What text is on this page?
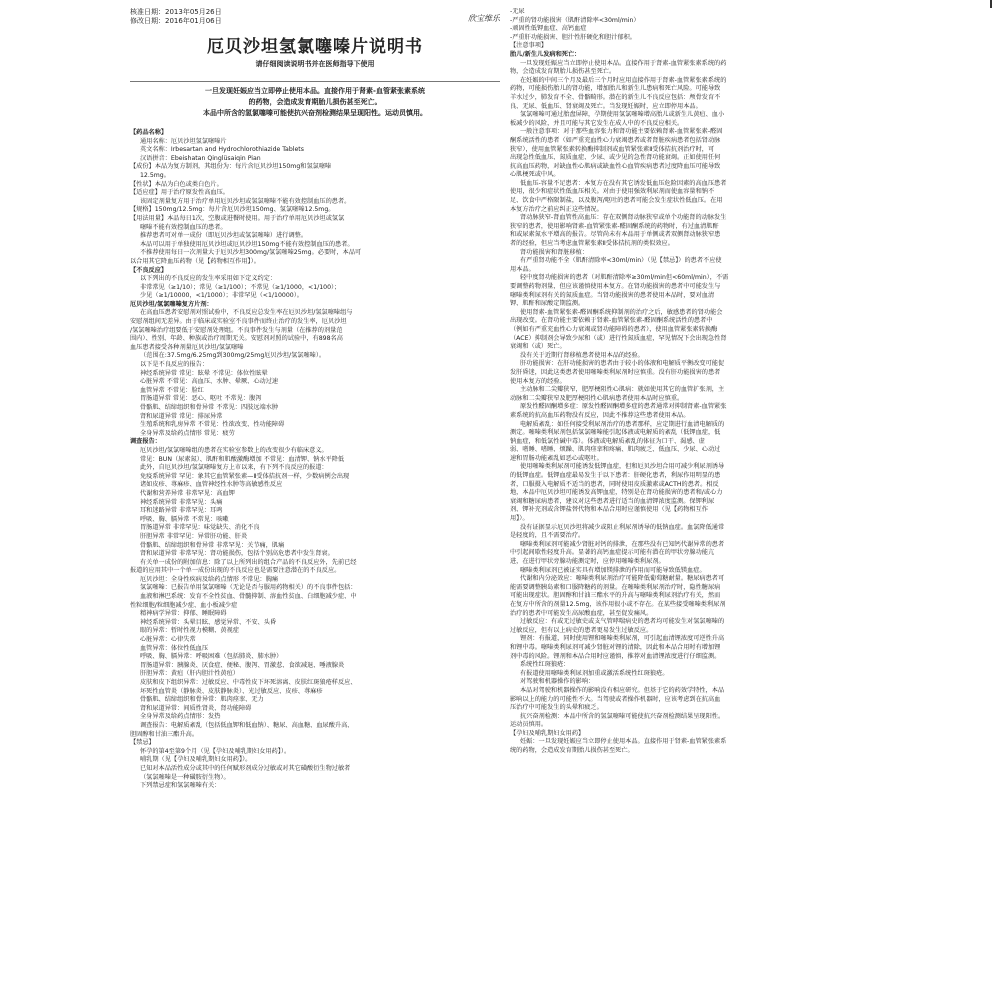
核准日期：2013年05月26日
修改日期：2016年01月06日	欣宝维乐
厄贝沙坦氢氯噻嗪片说明书
请仔细阅读说明书并在医师指导下使用
一旦发现妊娠应当立即停止使用本品。直接作用于肾素-血管紧张素系统
的药物，会造成发育期胎儿损伤甚至死亡。
本品中所含的氢氯噻嗪可能使抗兴奋剂检测结果呈现阳性。运动员慎用。

【药品名称】

通用名称：厄贝沙坦氢氯噻嗪片

英文名称：Irbesartan and Hydrochlorothiazide Tablets

汉语拼音：Ebeishatan Qinglüsaiqin Pian

【成份】本品为复方制剂，其组份为：每片含厄贝沙坦150mg和氢氯噻嗪

12.5mg。

【性状】本品为白色或类白色片。

【适应症】用于治疗原发性高血压。

该固定剂量复方用于治疗单用厄贝沙坦或氢氯噻嗪不能有效控制血压的患者。

【规格】150mg/12.5mg：每片含厄贝沙坦150mg、氢氯噻嗪12.5mg。

【用法用量】本品每日1次，空腹或进餐时使用。用于治疗单用厄贝沙坦或氢氯

噻嗪不能有效控制血压的患者。

推荐患者可对单一成份（即厄贝沙坦或氢氯噻嗪）进行调整。

本品可以用于单独使用厄贝沙坦或厄贝沙坦150mg不能有效控制血压的患者。

不推荐使用每日一次剂量大于厄贝沙坦300mg/氢氯噻嗪25mg。必要时，本品可

以合用其它降血压药物（见【药物相互作用】）。

【不良反应】

以下列出的不良反应的发生率采用如下定义约定：

非常常见（≥1/10）；常见（≥1/100）；不常见（≥1/1000，<1/100）；

少见（≥1/10000，<1/1000）；非常罕见（<1/10000）。

厄贝沙坦/氢氯噻嗪复方片剂：

在高血压患者安慰剂对照试验中，不良反应总发生率在厄贝沙坦/氢氯噻嗪组与

安慰剂组间无差异。由于临床或实验室不良事件而终止治疗的发生率，厄贝沙坦

/氢氯噻嗪治疗组要低于安慰剂处理组。不良事件发生与剂量（在推荐的剂量范

围内）、性别、年龄、种族或治疗周期无关。安慰剂对照的试验中，有898名高

血压患者接受各种剂量厄贝沙坦/氢氯噻嗪

（范围在:37.5mg/6.25mg到300mg/25mg厄贝沙坦/氢氯噻嗪）。

以下是不良反应的报告：

神经系统异常 常见：眩晕 不常见：体位性眩晕

心脏异常 不常见：高血压、水肿、晕厥、心动过速

血管异常 不常见：脸红

胃肠道异常 常见：恶心、呕吐 不常见：腹泻

骨骼肌、结缔组织和骨异常 不常见：四肢远端水肿

肾和尿道异常 常见：排尿异常

生殖系统和乳房异常 不常见：性欲改变、性功能障碍

全身异常及给药点情形 常见：疲劳

调查报告：

厄贝沙坦/氢氯噻嗪组的患者在实验室参数上的改变很少有临床意义。

常见：BUN（尿素氮）、肌酐和肌酸激酶增加 不常见：血清钾、钠水平降低

此外，自厄贝沙坦/氢氯噻嗪复方上市以来，有下列不良反应的报道：

免疫系统异常 罕见：象其它血管紧张素—Ⅱ受体拮抗剂一样，少数病例会出现

诸如皮疹、荨麻疹、血管神经性水肿等高敏感性反应

代谢和营养异常 非常罕见：高血钾

神经系统异常 非常罕见：头痛

耳和迷路异常 非常罕见：耳鸣

呼吸、胸、膈异常 不常见：咳嗽

胃肠道异常 非常罕见：味觉缺失、消化不良

肝胆异常 非常罕见：异常肝功能、肝炎

骨骼肌、结缔组织和骨异常 非常罕见：关节痛，肌痛

肾和尿道异常 非常罕见：肾功能损伤，包括个别高危患者中发生肾衰。

有关单一成份的附加信息：除了以上所列出的组合产品的不良反应外，先前已经

报道的应用其中一个单一成份出现的不良反应也是需要注意潜在的不良反应。

厄贝沙坦：全身性疾病及给药点情形 不常见：胸痛

氢氯噻嗪：已报告单用氢氯噻嗪（无论是否与服用药物相关）的不良事件包括：

血液和淋巴系统：发育不全性贫血、骨髓抑制、溶血性贫血、白细胞减少症、中

性粒细胞/粒细胞减少症、血小板减少症

精神病学异常：抑郁、睡眠障碍

神经系统异常：头晕目眩、感觉异常、不安、头昏

眼的异常：暂时性视力模糊、黄视症

心脏异常：心律失常

血管异常：体位性低血压

呼吸、胸、膈异常：呼吸困难（包括肺炎、肺水肿）

胃肠道异常：胰腺炎、厌食症、便秘、腹泻、胃激惹、食欲减退、唾液腺炎

肝胆异常：黄疸（肝内胆汁性黄疸）

皮肤和皮下组织异常：过敏反应、中毒性皮下坏死溶离、皮肤红斑狼疮样反应、

坏死性血管炎（静脉炎、皮肤静脉炎）、光过敏反应、皮疹、荨麻疹

骨骼肌、结缔组织和骨异常：肌肉痉挛、无力

肾和尿道异常：间质性肾炎、肾功能障碍

全身异常及给药点情形：发热

调查报告：电解质紊乱（包括低血钾和低血钠）、糖尿、高血糖、血尿酸升高、

胆固醇和甘油三酯升高。

【禁忌】

怀孕的第4至第9个月（见【孕妇及哺乳期妇女用药】）。

哺乳期（见【孕妇及哺乳期妇女用药】）。

已知对本品活性成分或其中的任何赋形剂成分过敏或对其它磺酸衍生物过敏者

（氢氯噻嗪是一种磺胺衍生物）。

下列禁忌症和氢氯噻嗪有关：

-无尿

-严重的肾功能损害（肌酐清除率<30ml/min）

-顽固性低钾血症、高钙血症

-严重肝功能损害、胆汁性肝硬化和胆汁郁积。

【注意事项】

胎儿/新生儿发病和死亡：

一旦发现妊娠应当立即停止使用本品。直接作用于肾素-血管紧张素系统的药

物，会造成发育期胎儿损伤甚至死亡。

在妊娠的中间三个月及最后三个月时应用直接作用于肾素-血管紧张素系统的

药物，可能损伤胎儿的肾功能，增加胎儿和新生儿患病和死亡风险。可能导致

羊水过少，肺发育不全、骨骼畸形。潜在的新生儿不良反应包括：颅骨发育不

良、无尿、低血压、肾衰竭及死亡。当发现妊娠时，应立即停用本品。

氢氯噻嗪可通过胎盘屏障，孕期使用氢氯噻嗪增高胎儿或新生儿黄疸、血小

板减少的风险，并且可能与其它发生在成人中的不良反应相关。

一般注意事项：对于那些血容张力和肾功能主要依赖肾素-血管紧张素-醛固

酮系统活性的患者（如严重充血性心力衰竭患者或者肾脏疾病患者包括肾动脉

狭窄），使用血管紧张素转换酶抑制剂或血管紧张素Ⅱ受体拮抗剂治疗时，可

出现急性低血压、氮质血症、少尿、或少见的急性肾功能衰竭。正如使用任何

抗高血压药物，对缺血性心肌病或缺血性心血管疾病患者过度降血压可能导致

心肌梗死或中风。

低血压-容量不足患者：本复方在没有其它诱发低血压危险因素的高血压患者

使用，很少和症状性低血压相关。对由于使用强效利尿剂而使血容量和钠不

足、饮食中严格限制盐，以及腹泻/呕吐的患者可能会发生症状性低血压。在用

本复方治疗之前应纠正这些情况。

肾动脉狭窄-肾血管性高血压：存在双侧肾动脉狭窄或单个功能肾的动脉发生

狭窄的患者，使用影响肾素-血管紧张素-醛固酮系统的药物时，有过血清肌酐

和或尿素氮水平增高的报告。尽管尚未有本品用于单侧或者双侧肾动脉狭窄患

者的经验，但应当考虑血管紧张素Ⅱ受体拮抗剂的类似效应。

肾功能损害和肾脏移植：

有严重肾功能不全（肌酐清除率<30ml/min）（见【禁忌】）的患者不应使

用本品。

轻中度肾功能损害的患者（对肌酐清除率≥30ml/min但<60ml/min），不需

要调整药物剂量，但应该谨慎使用本复方。在肾功能损害的患者中可能发生与

噻嗪类利尿剂有关的氮质血症。当肾功能损害的患者使用本品时，要对血清

钾、肌酐和尿酸定期监测。

使用肾素-血管紧张素-醛固酮系统抑制剂的治疗之后，敏感患者的肾功能会

出现改变。在肾功能主要依赖于肾素-血管紧张素-醛固酮系统活性的患者中

（例如有严重充血性心力衰竭或肾功能障碍的患者），使用血管紧张素转换酶

（ACE）抑制剂会导致少尿和（或）进行性氮质血症，罕见情况下会出现急性肾

衰竭和（或）死亡。

没有关于近期行肾移植患者使用本品的经验。

肝功能损害：在肝功能损害的患者由于较小的体液和电解质平衡改变可能促

发肝昏迷，因此这类患者使用噻嗪类利尿剂时应慎重。没有肝功能损害的患者

使用本复方的经验。

主动脉和二尖瓣狭窄，肥厚梗阻性心肌病：就如使用其它的血管扩张剂，主

动脉和二尖瓣狭窄及肥厚梗阻性心肌病患者使用本品时应慎重。

原发性醛固酮增多症：原发性醛固酮增多症的患者通常对抑制肾素-血管紧张

素系统的抗高血压药物没有反应，因此不推荐这些患者使用本品。

电解质紊乱：如任何接受利尿剂治疗的患者那样，应定期进行血清电解质的

测定。噻嗪类利尿剂包括氢氯噻嗪能引起体液或电解质的紊乱（低钾血症，低

钠血症，和低氯性碱中毒）。体液或电解质紊乱的体征为口干、渴感、虚

弱、嗜睡、嗜睡、烦躁、肌肉痉挛和疼痛、肌肉疲乏、低血压、少尿、心动过

速和胃肠功能紊乱如恶心或呕吐。

使用噻嗪类利尿剂可能诱发低钾血症，但和厄贝沙坦合用可减少利尿剂诱导

的低钾血症。低钾血症最易发生于以下患者：肝硬化患者，利尿作用明显的患

者，口服摄入电解质不适当的患者，同时使用皮质激素或ACTH的患者。相反

地，本品中厄贝沙坦可能诱发高钾血症，特别是在肾功能损害的患者和/或心力

衰竭和糖尿病患者，建议对这些患者进行适当的血清钾浓度监测。保钾利尿

剂、钾补充剂或含钾盐替代物和本品合用时应谨慎使用（见【药物相互作

用】）。

没有证据显示厄贝沙坦将减少或阻止利尿剂诱导的低钠血症。血氯降低通常

是轻度的，且不需要治疗。

噻嗪类利尿剂可能减少肾脏对钙的排泄，在那些没有已知钙代谢异常的患者

中引起间歇性轻度升高。显著的高钙血症提示可能有潜在的甲状旁腺功能亢

进，在进行甲状旁腺功能测定时，应停用噻嗪类利尿剂。

噻嗪类利尿剂已被证实具有增加镁排泄的作用而可能导致低镁血症。

代谢和内分泌效应：噻嗪类利尿剂治疗可能降低葡萄糖耐量。糖尿病患者可

能需要调整胰岛素和口服降糖药的剂量。在噻嗪类利尿剂治疗时，隐性糖尿病

可能出现症状。胆固醇和甘油三酯水平的升高与噻嗪类利尿剂治疗有关，然而

在复方中所含的剂量12.5mg，该作用很小或不存在。在某些接受噻嗪类利尿剂

治疗的患者中可能发生高尿酸血症，甚至促发痛风。

过敏反应：有或无过敏史或支气管哮喘病史的患者均可能发生对氢氯噻嗪的

过敏反应，但有以上病史的患者更易发生过敏反应。

锂剂：有报道，同时使用锂和噻嗪类利尿剂，可引起血清锂浓度可逆性升高

和锂中毒。噻嗪类利尿剂可减少肾脏对锂的清除，因此和本品合用时有增加锂

剂中毒的风险。锂剂和本品合用时应谨慎，推荐对血清锂浓度进行仔细监测。

系统性红斑狼疮：

有报道使用噻嗪类利尿剂加重或激活系统性红斑狼疮。

对驾驶和机器操作的影响：

本品对驾驶和机器操作的影响没有相应研究。但基于它的药效学特性，本品

影响以上的能力的可能性不大。当驾驶或者操作机器时，应该考虑到在抗高血

压治疗中可能发生的头晕和疲乏。

抗兴奋剂检测：本品中所含的氢氯噻嗪可能使抗兴奋剂检测结果呈现阳性。

运动员慎用。

【孕妇及哺乳期妇女用药】

妊娠：一旦发现妊娠应当立即停止使用本品。直接作用于肾素-血管紧张素系

统的药物，会造成发育期胎儿损伤甚至死亡。
